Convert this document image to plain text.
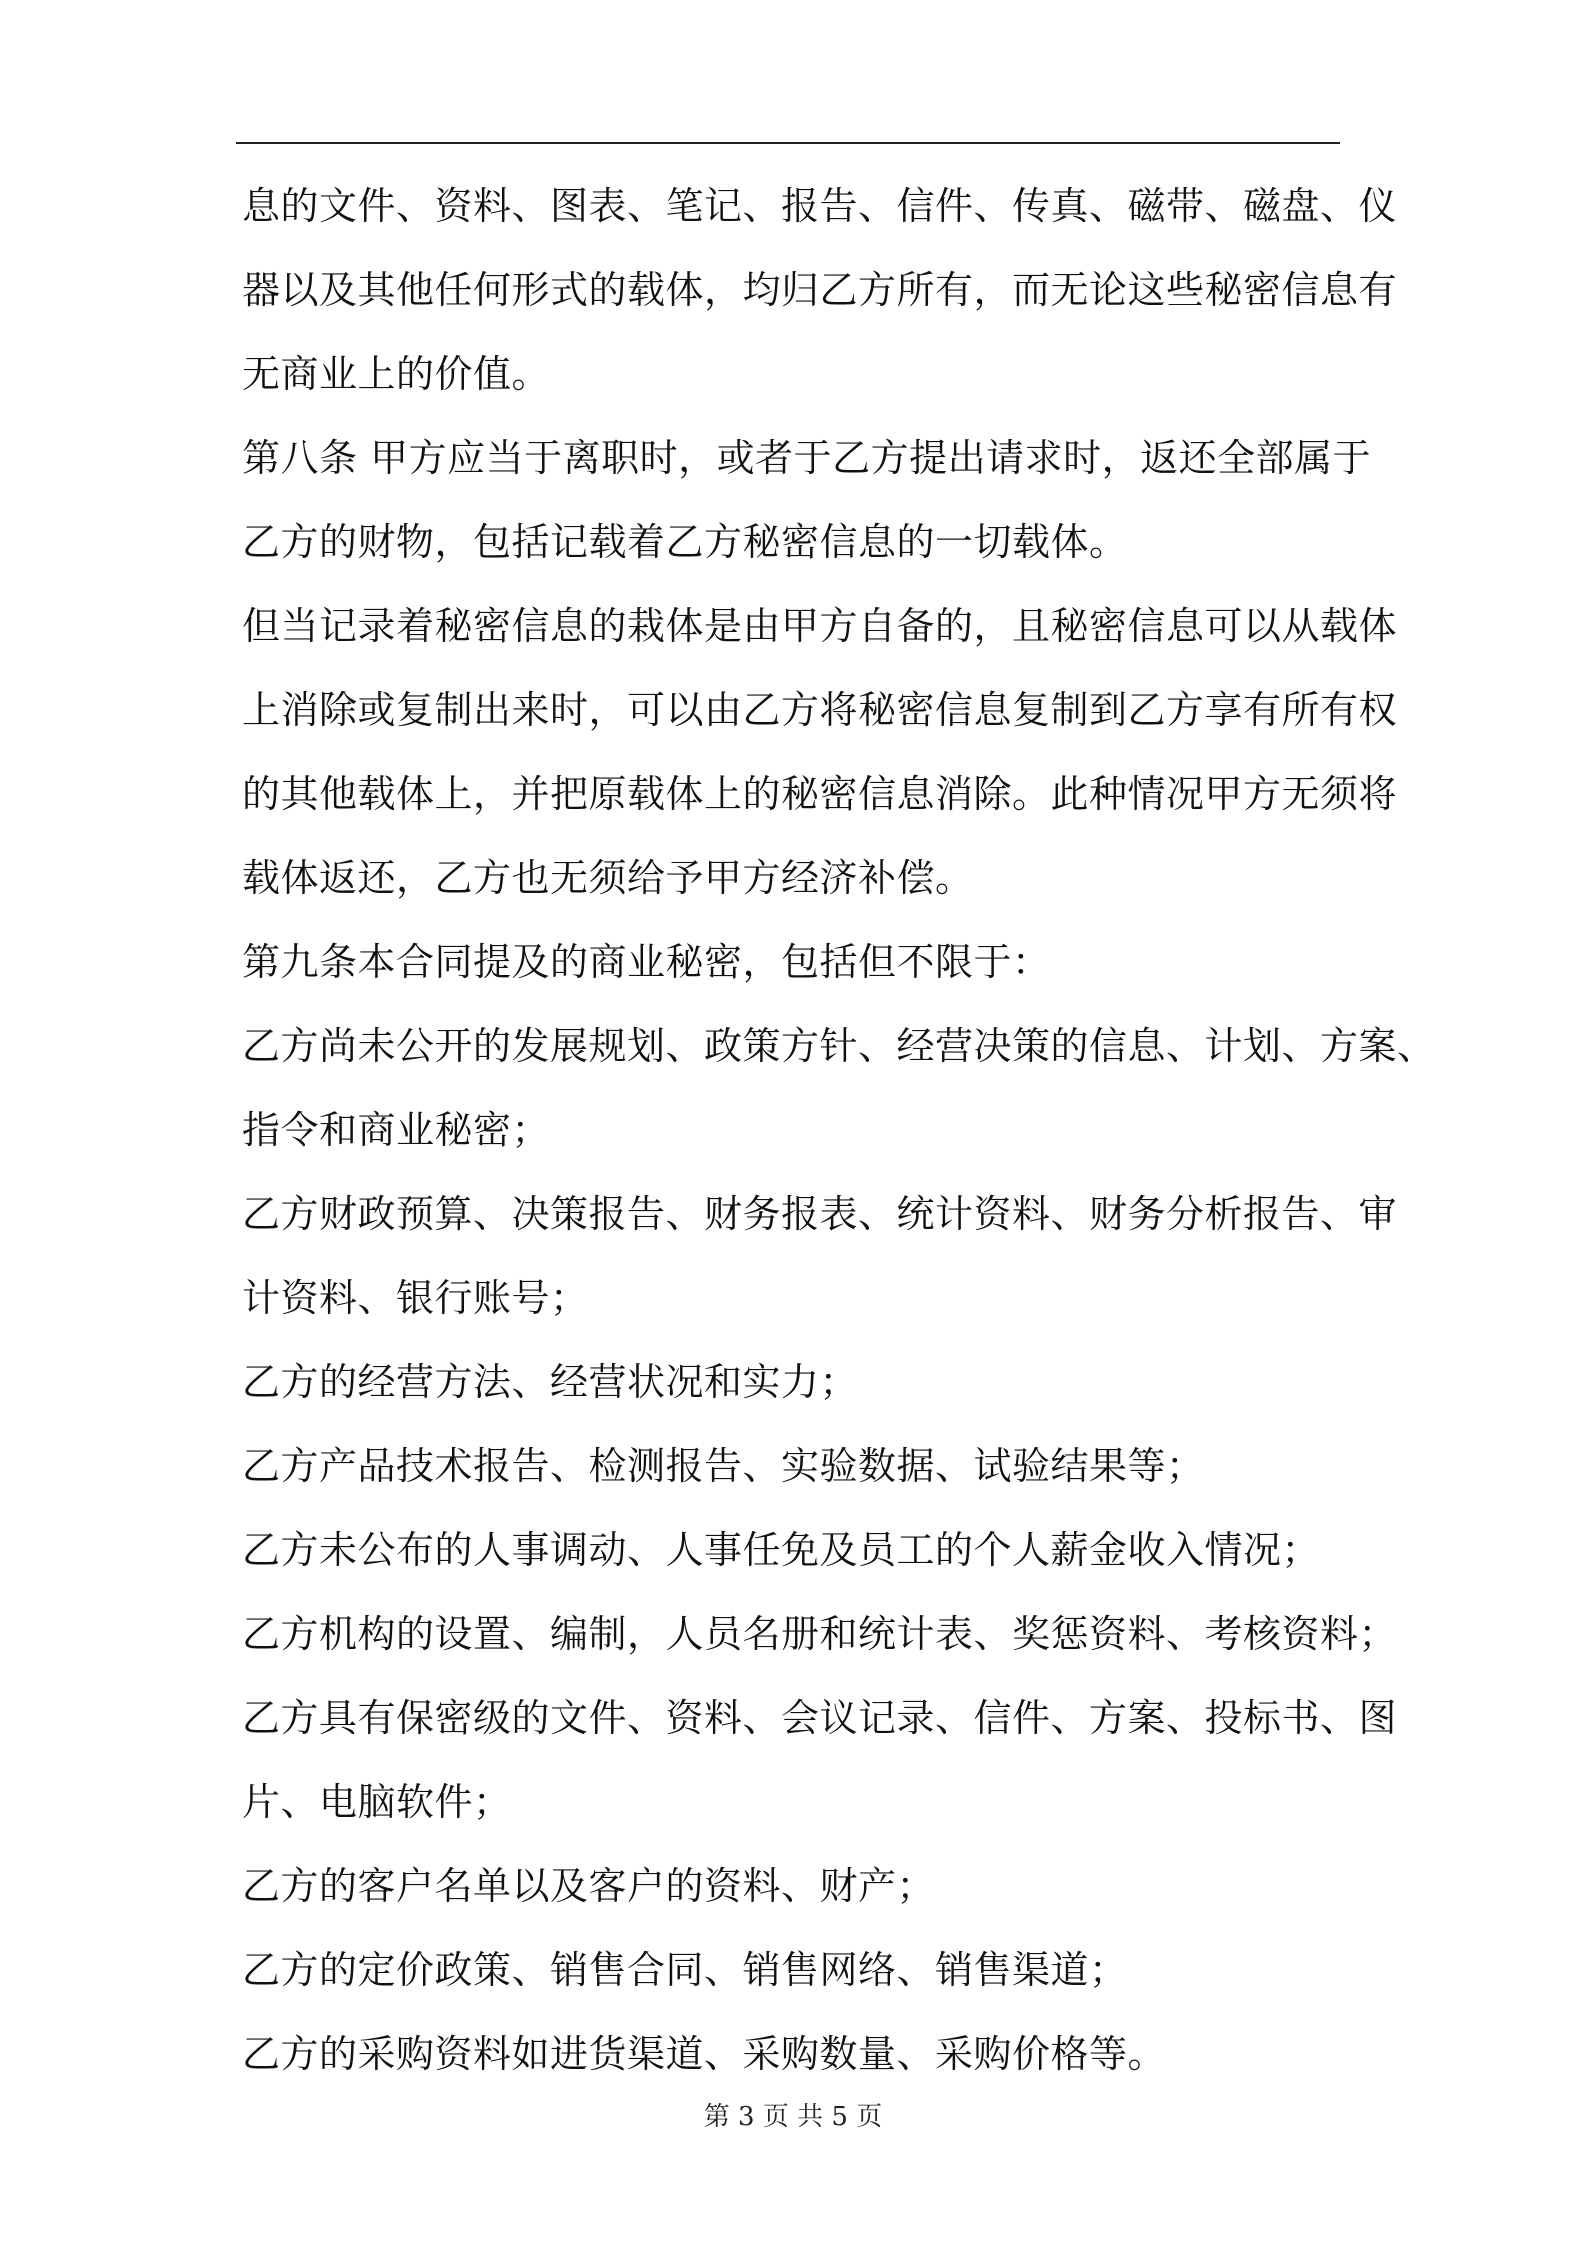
息的文件、资料、图表、笔记、报告、信件、传真、磁带、磁盘、仪
器以及其他任何形式的载体，均归乙方所有，而无论这些秘密信息有
无商业上的价值。
第八条 甲方应当于离职时，或者于乙方提出请求时，返还全部属于
乙方的财物，包括记载着乙方秘密信息的一切载体。
但当记录着秘密信息的栽体是由甲方自备的，且秘密信息可以从载体
上消除或复制出来时，可以由乙方将秘密信息复制到乙方享有所有权
的其他载体上，并把原载体上的秘密信息消除。此种情况甲方无须将
载体返还，乙方也无须给予甲方经济补偿。
第九条本合同提及的商业秘密，包括但不限于：
乙方尚未公开的发展规划、政策方针、经营决策的信息、计划、方案、
指令和商业秘密；
乙方财政预算、决策报告、财务报表、统计资料、财务分析报告、审
计资料、银行账号；
乙方的经营方法、经营状况和实力；
乙方产品技术报告、检测报告、实验数据、试验结果等；
乙方未公布的人事调动、人事任免及员工的个人薪金收入情况；
乙方机构的设置、编制，人员名册和统计表、奖惩资料、考核资料；
乙方具有保密级的文件、资料、会议记录、信件、方案、投标书、图
片、电脑软件；
乙方的客户名单以及客户的资料、财产；
乙方的定价政策、销售合同、销售网络、销售渠道；
乙方的采购资料如进货渠道、采购数量、采购价格等。
第 3 页 共 5 页
